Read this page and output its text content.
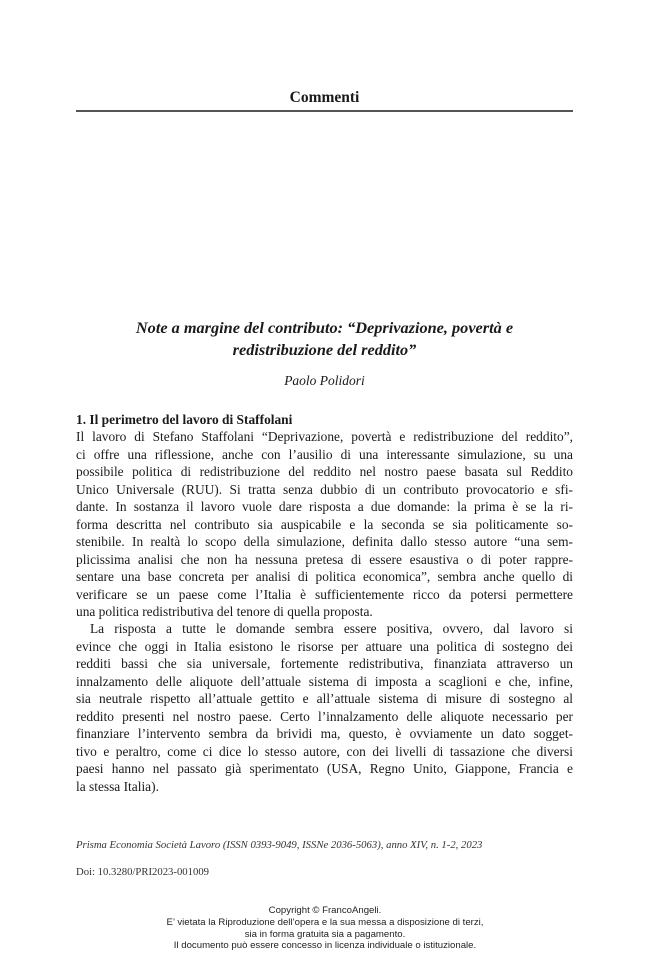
Commenti
Note a margine del contributo: “Deprivazione, povertà e
redistribuzione del reddito”
Paolo Polidori
1. Il perimetro del lavoro di Staffolani
Il lavoro di Stefano Staffolani “Deprivazione, povertà e redistribuzione del reddito”,
ci offre una riflessione, anche con l’ausilio di una interessante simulazione, su una
possibile politica di redistribuzione del reddito nel nostro paese basata sul Reddito
Unico Universale (RUU). Si tratta senza dubbio di un contributo provocatorio e sfi-
dante. In sostanza il lavoro vuole dare risposta a due domande: la prima è se la ri-
forma descritta nel contributo sia auspicabile e la seconda se sia politicamente so-
stenibile. In realtà lo scopo della simulazione, definita dallo stesso autore “una sem-
plicissima analisi che non ha nessuna pretesa di essere esaustiva o di poter rappre-
sentare una base concreta per analisi di politica economica”, sembra anche quello di
verificare se un paese come l’Italia è sufficientemente ricco da potersi permettere
una politica redistributiva del tenore di quella proposta.
La risposta a tutte le domande sembra essere positiva, ovvero, dal lavoro si
evince che oggi in Italia esistono le risorse per attuare una politica di sostegno dei
redditi bassi che sia universale, fortemente redistributiva, finanziata attraverso un
innalzamento delle aliquote dell’attuale sistema di imposta a scaglioni e che, infine,
sia neutrale rispetto all’attuale gettito e all’attuale sistema di misure di sostegno al
reddito presenti nel nostro paese. Certo l’innalzamento delle aliquote necessario per
finanziare l’intervento sembra da brividi ma, questo, è ovviamente un dato sogget-
tivo e peraltro, come ci dice lo stesso autore, con dei livelli di tassazione che diversi
paesi hanno nel passato già sperimentato (USA, Regno Unito, Giappone, Francia e
la stessa Italia).
Prisma Economia Società Lavoro (ISSN 0393-9049, ISSNe 2036-5063), anno XIV, n. 1-2, 2023
Doi: 10.3280/PRI2023-001009
Copyright © FrancoAngeli.
E’ vietata la Riproduzione dell’opera e la sua messa a disposizione di terzi,
sia in forma gratuita sia a pagamento.
Il documento può essere concesso in licenza individuale o istituzionale.
